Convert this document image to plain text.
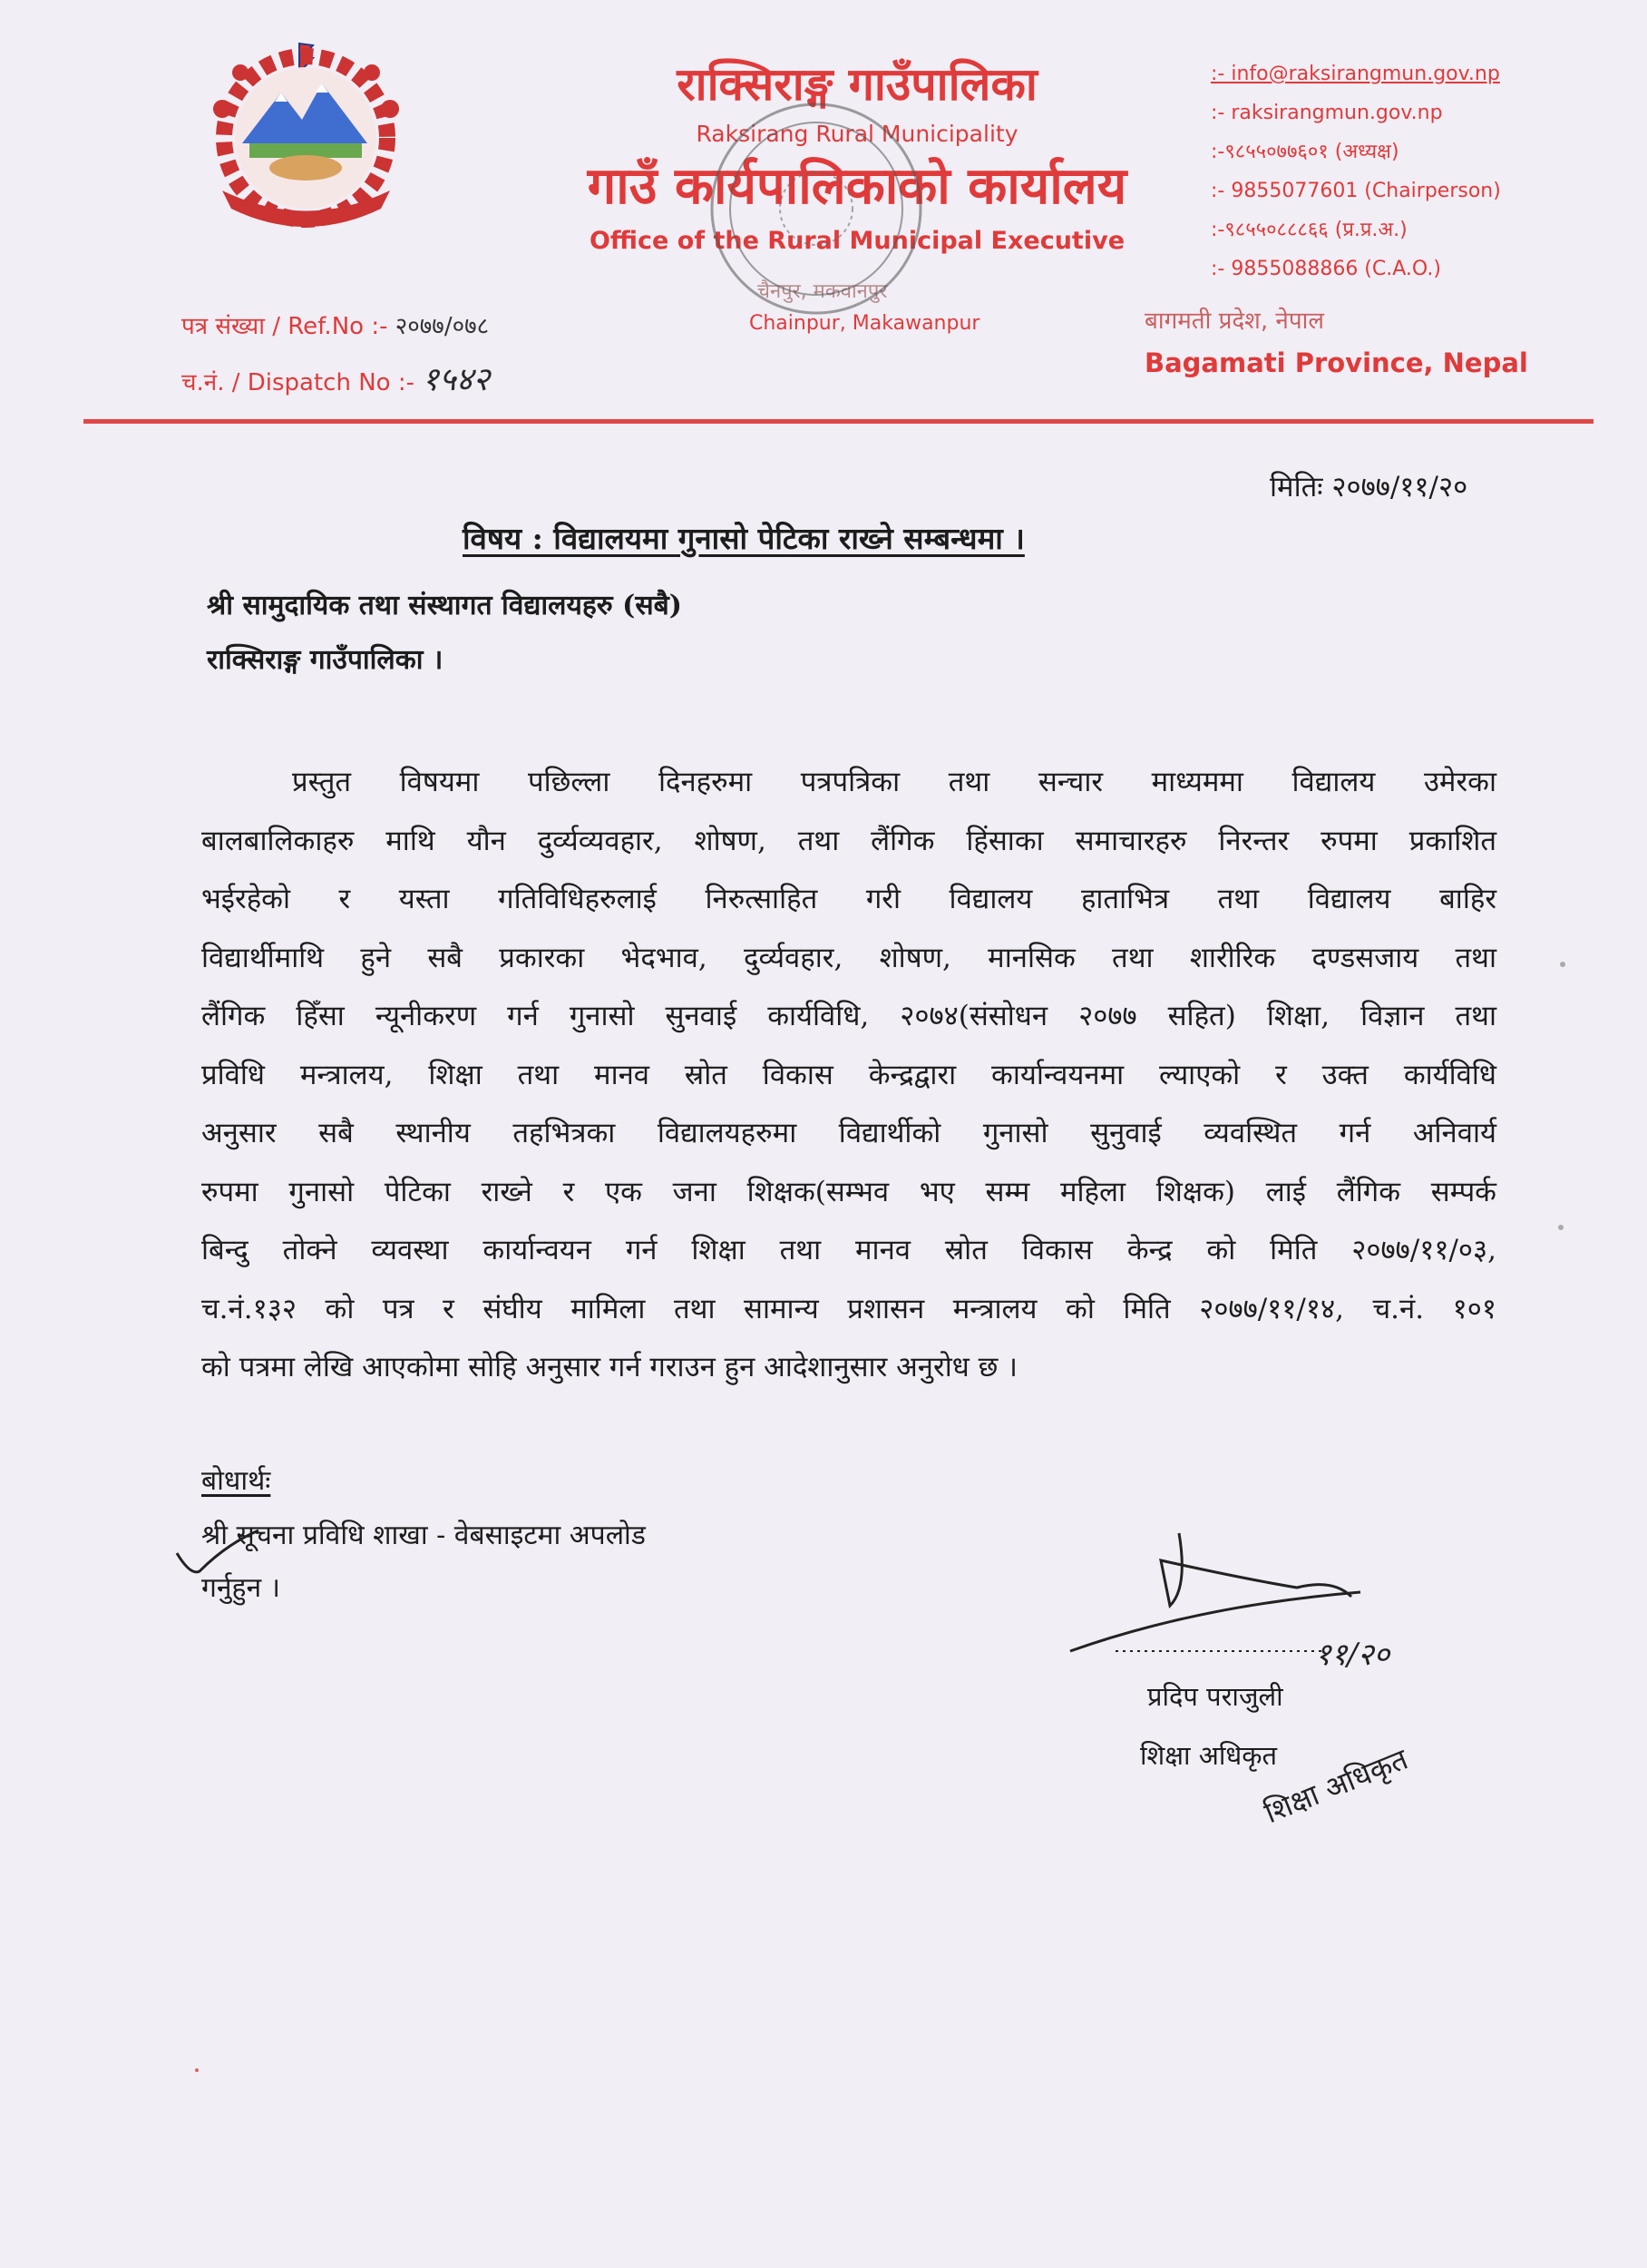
राक्सिराङ्ग गाउँपालिका
Raksirang Rural Municipality
गाउँ कार्यपालिकाको कार्यालय
Office of the Rural Municipal Executive
चैनपुर, मकवानपुर
Chainpur, Makawanpur
:- info@raksirangmun.gov.np
:- raksirangmun.gov.np
:-९८५५०७७६०१ (अध्यक्ष)
:- 9855077601 (Chairperson)
:-९८५५०८८८६६ (प्र.प्र.अ.)
:- 9855088866 (C.A.O.)
पत्र संख्या / Ref.No :- २०७७/०७८
च.नं. / Dispatch No :- १५४२
बागमती प्रदेश, नेपाल
Bagamati Province, Nepal
मितिः २०७७/११/२०
विषय : विद्यालयमा गुनासो पेटिका राख्ने सम्बन्धमा ।
श्री सामुदायिक तथा संस्थागत विद्यालयहरु (सबै)
राक्सिराङ्ग गाउँपालिका ।
प्रस्तुत विषयमा पछिल्ला दिनहरुमा पत्रपत्रिका तथा सन्चार माध्यममा विद्यालय उमेरका
बालबालिकाहरु माथि यौन दुर्व्यव्यवहार, शोषण, तथा लैंगिक हिंसाका समाचारहरु निरन्तर रुपमा प्रकाशित
भईरहेको र यस्ता गतिविधिहरुलाई निरुत्साहित गरी विद्यालय हाताभित्र तथा विद्यालय बाहिर
विद्यार्थीमाथि हुने सबै प्रकारका भेदभाव, दुर्व्यवहार, शोषण, मानसिक तथा शारीरिक दण्डसजाय तथा
लैंगिक हिँसा न्यूनीकरण गर्न गुनासो सुनवाई कार्यविधि, २०७४(संसोधन २०७७ सहित) शिक्षा, विज्ञान तथा
प्रविधि मन्त्रालय, शिक्षा तथा मानव स्रोत विकास केन्द्रद्वारा कार्यान्वयनमा ल्याएको र उक्त कार्यविधि
अनुसार सबै स्थानीय तहभित्रका विद्यालयहरुमा विद्यार्थीको गुनासो सुनुवाई व्यवस्थित गर्न अनिवार्य
रुपमा गुनासो पेटिका राख्ने र एक जना शिक्षक(सम्भव भए सम्म महिला शिक्षक) लाई लैंगिक सम्पर्क
बिन्दु तोक्ने व्यवस्था कार्यान्वयन गर्न शिक्षा तथा मानव स्रोत विकास केन्द्र को मिति २०७७/११/०३,
च.नं.१३२ को पत्र र संघीय मामिला तथा सामान्य प्रशासन मन्त्रालय को मिति २०७७/११/१४, च.नं. १०१
को पत्रमा लेखि आएकोमा सोहि अनुसार गर्न गराउन हुन आदेशानुसार अनुरोध छ ।
बोधार्थः
श्री सूचना प्रविधि शाखा - वेबसाइटमा अपलोड
गर्नुहुन ।
११/२०
प्रदिप पराजुली
शिक्षा अधिकृत
शिक्षा अधिकृत
